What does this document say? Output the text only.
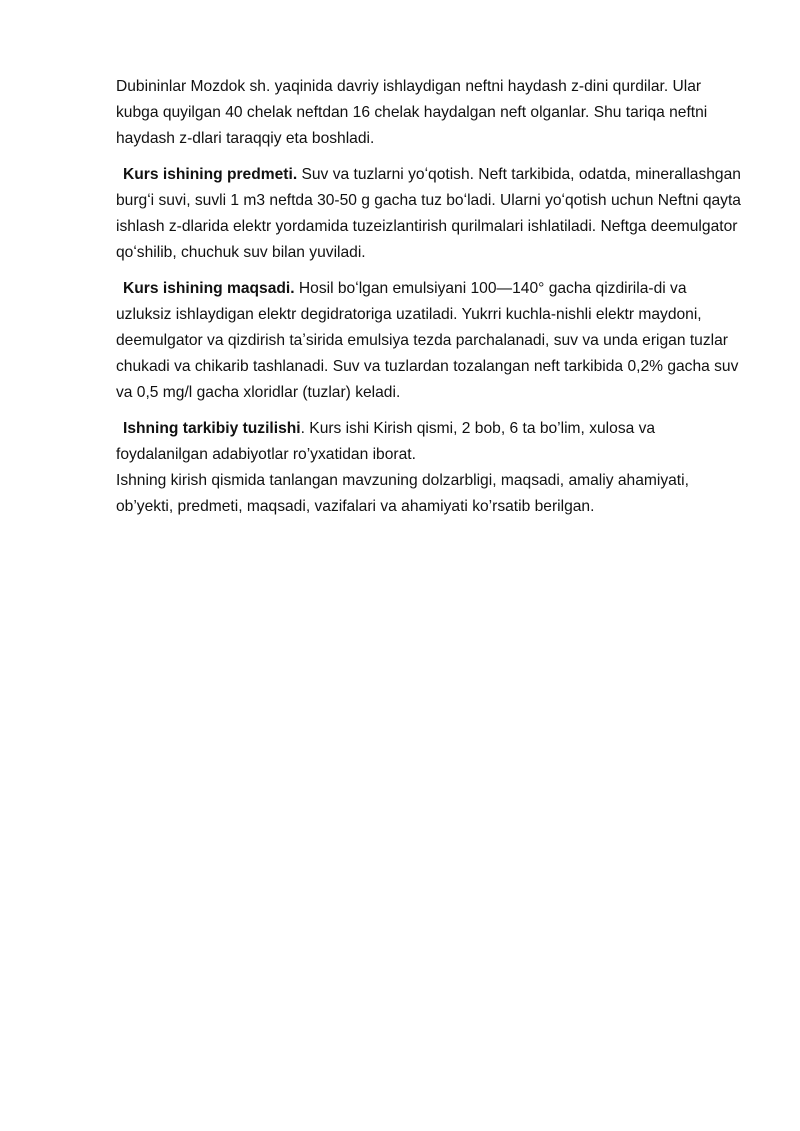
Dubininlar Mozdok sh. yaqinida davriy ishlaydigan neftni haydash z-dini qurdilar. Ular kubga quyilgan 40 chelak neftdan 16 chelak haydalgan neft olganlar. Shu tariqa neftni haydash z-dlari taraqqiy eta boshladi.

Kurs ishining predmeti. Suv va tuzlarni yoʻqotish. Neft tarkibida, odatda, minerallashgan burgʻi suvi, suvli 1 m3 neftda 30-50 g gacha tuz boʻladi. Ularni yoʻqotish uchun Neftni qayta ishlash z-dlarida elektr yordamida tuzeizlantirish qurilmalari ishlatiladi. Neftga deemulgator qoʻshilib, chuchuk suv bilan yuviladi.

Kurs ishining maqsadi. Hosil boʻlgan emulsiyani 100—140° gacha qizdirila-di va uzluksiz ishlaydigan elektr degidratoriga uzatiladi. Yukrri kuchla-nishli elektr maydoni, deemulgator va qizdirish taʼsirida emulsiya tezda parchalanadi, suv va unda erigan tuzlar chukadi va chikarib tashlanadi. Suv va tuzlardan tozalangan neft tarkibida 0,2% gacha suv va 0,5 mg/l gacha xloridlar (tuzlar) keladi.

Ishning tarkibiy tuzilishi. Kurs ishi Kirish qismi, 2 bob, 6 ta bo’lim, xulosa va foydalanilgan adabiyotlar ro’yxatidan iborat.

Ishning kirish qismida tanlangan mavzuning dolzarbligi, maqsadi, amaliy ahamiyati, ob’yekti, predmeti, maqsadi, vazifalari va ahamiyati ko’rsatib berilgan.
